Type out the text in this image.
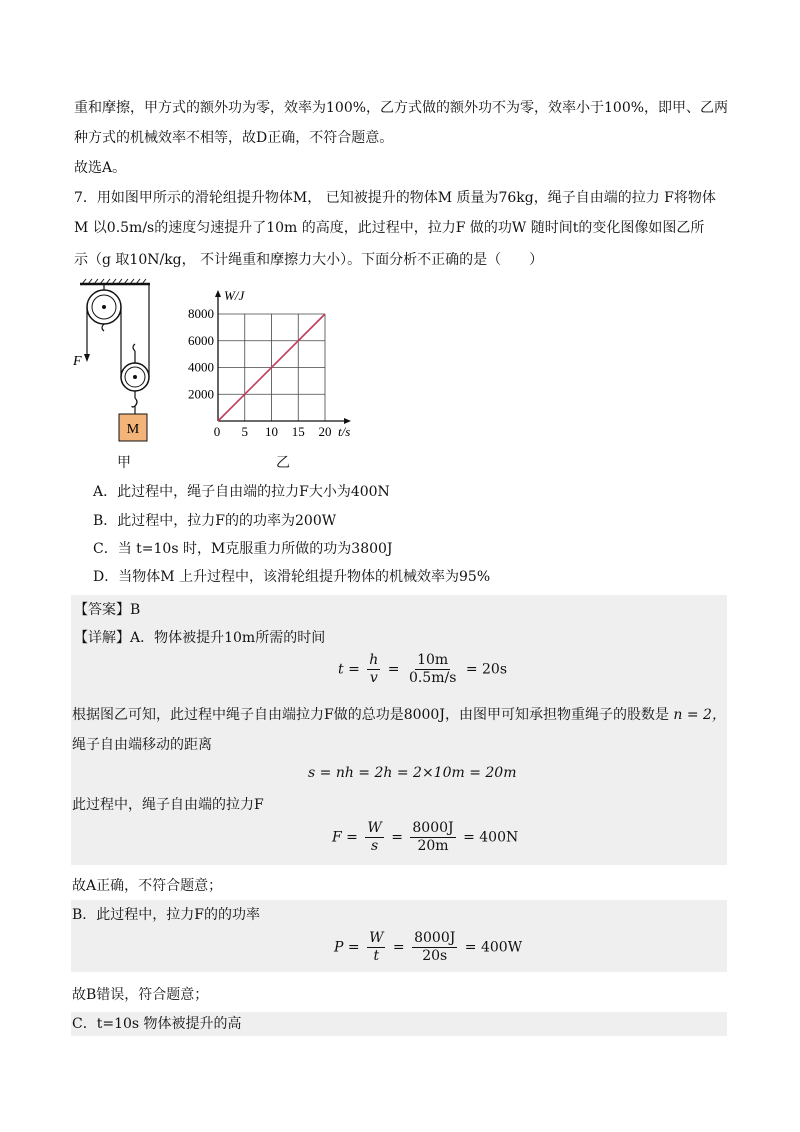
重和摩擦，甲方式的额外功为零，效率为100%，乙方式做的额外功不为零，效率小于100%，即甲、乙两
种方式的机械效率不相等，故D正确，不符合题意。
故选A。
7．用如图甲所示的滑轮组提升物体M， 已知被提升的物体M 质量为76kg，绳子自由端的拉力 F将物体
M 以0.5m/s的速度匀速提升了10m 的高度，此过程中，拉力F 做的功W 随时间t的变化图像如图乙所
示（g 取10N/kg， 不计绳重和摩擦力大小）。下面分析不正确的是（　　）
F
M
甲
0 5 10 15 20
2000
4000
6000
8000
W/J
t/s
乙
A．此过程中，绳子自由端的拉力F大小为400N
B．此过程中，拉力F的的功率为200W
C．当 t=10s 时，M克服重力所做的功为3800J
D．当物体M 上升过程中，该滑轮组提升物体的机械效率为95%
【答案】B
【详解】A．物体被提升10m所需的时间
$t = \frac{h}{v} = \frac{10m}{0.5m/s} = 20s$
根据图乙可知，此过程中绳子自由端拉力F做的总功是8000J，由图甲可知承担物重绳子的股数是 n = 2，
绳子自由端移动的距离
s = nh = 2h = 2×10m = 20m
此过程中，绳子自由端的拉力F
$F = \frac{W}{s} = \frac{8000J}{20m} = 400N$
故A正确，不符合题意；
B．此过程中，拉力F的的功率
$P = \frac{W}{t} = \frac{8000J}{20s} = 400W$
故B错误，符合题意；
C．t=10s 物体被提升的高
